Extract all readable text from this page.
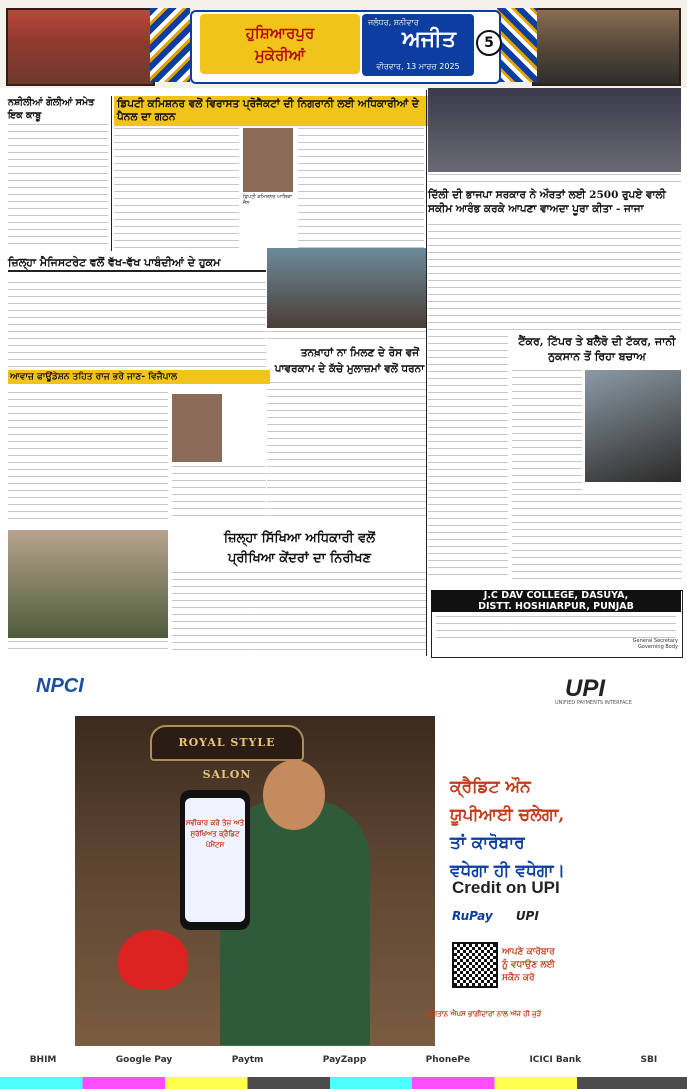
ਹੁਸ਼ਿਆਰਪੁਰ
ਮੁਕੇਰੀਆਂ
ਜਲੰਧਰ, ਸ਼ਨੀਵਾਰ
ਅਜੀਤ
ਵੀਰਵਾਰ, 13 ਮਾਰਚ 2025
5
ਨਸ਼ੀਲੀਆਂ ਗੋਲੀਆਂ ਸਮੇਤ ਇਕ ਕਾਬੂ
ਡਿਪਟੀ ਕਮਿਸ਼ਨਰ ਵਲੋਂ ਵਿਰਾਸਤ ਪ੍ਰੋਜੈਕਟਾਂ ਦੀ ਨਿਗਰਾਨੀ ਲਈ ਅਧਿਕਾਰੀਆਂ ਦੇ ਪੈਨਲ ਦਾ ਗਠਨ
ਡਿਪਟੀ ਕਮਿਸ਼ਨਰ ਆਸ਼ਿਕਾ ਜੈਨ
ਦਿੱਲੀ ਦੀ ਭਾਜਪਾ ਸਰਕਾਰ ਨੇ ਔਰਤਾਂ ਲਈ 2500 ਰੁਪਏ ਵਾਲੀ ਸਕੀਮ ਆਰੰਭ ਕਰਕੇ ਆਪਣਾ ਵਾਅਦਾ ਪੂਰਾ ਕੀਤਾ - ਜਾਜਾ
ਜ਼ਿਲ੍ਹਾ ਮੈਜਿਸਟਰੇਟ ਵਲੋਂ ਵੱਖ-ਵੱਖ ਪਾਬੰਦੀਆਂ ਦੇ ਹੁਕਮ
ਤਨਖ਼ਾਹਾਂ ਨਾ ਮਿਲਣ ਦੇ ਰੋਸ ਵਜੋਂ
ਪਾਵਰਕਾਮ ਦੇ ਕੱਚੇ ਮੁਲਾਜ਼ਮਾਂ ਵਲੋਂ ਧਰਨਾ
ਟੈਂਕਰ, ਟਿੱਪਰ ਤੇ ਬਲੈਰੋ ਦੀ ਟੱਕਰ, ਜਾਨੀ ਨੁਕਸਾਨ ਤੋਂ ਰਿਹਾ ਬਚਾਅ
ਆਵਾਜ਼ ਫਾਊਂਡੇਸ਼ਨ ਤਹਿਤ ਰਾਜ ਭਰੇ ਜਾਣ- ਵਿਜੈਪਾਲ
ਜ਼ਿਲ੍ਹਾ ਸਿੱਖਿਆ ਅਧਿਕਾਰੀ ਵਲੋਂ
ਪ੍ਰੀਖਿਆ ਕੇਂਦਰਾਂ ਦਾ ਨਿਰੀਖਣ
J.C DAV COLLEGE, DASUYA,
DISTT. HOSHIARPUR, PUNJAB
General Secretary
Governing Body
NPCI	UPI
UNIFIED PAYMENTS INTERFACE
ROYAL STYLE SALON
ਸਵੀਕਾਰ ਕਰੋ ਤੇਜ਼ ਅਤੇ ਸੁਰੱਖਿਅਤ ਕ੍ਰੈਡਿਟ ਪੇਮੈਂਟਸ
ਕ੍ਰੈਡਿਟ ਔਨ
ਯੂਪੀਆਈ ਚਲੇਗਾ,
ਤਾਂ ਕਾਰੋਬਾਰ
ਵਧੇਗਾ ਹੀ ਵਧੇਗਾ।
Credit on UPI
RuPay UPI
ਆਪਣੇ ਕਾਰੋਬਾਰ
ਨੂੰ ਵਧਾਉਣ ਲਈ
ਸਕੈਨ ਕਰੋ
ਭੁਗਤਾਨ ਐਪਸ ਭਾਗੀਦਾਰਾਂ ਨਾਲ ਅੱਜ ਹੀ ਜੁੜੋ
BHIM	Google Pay	Paytm	PayZapp	PhonePe	ICICI Bank	SBI
